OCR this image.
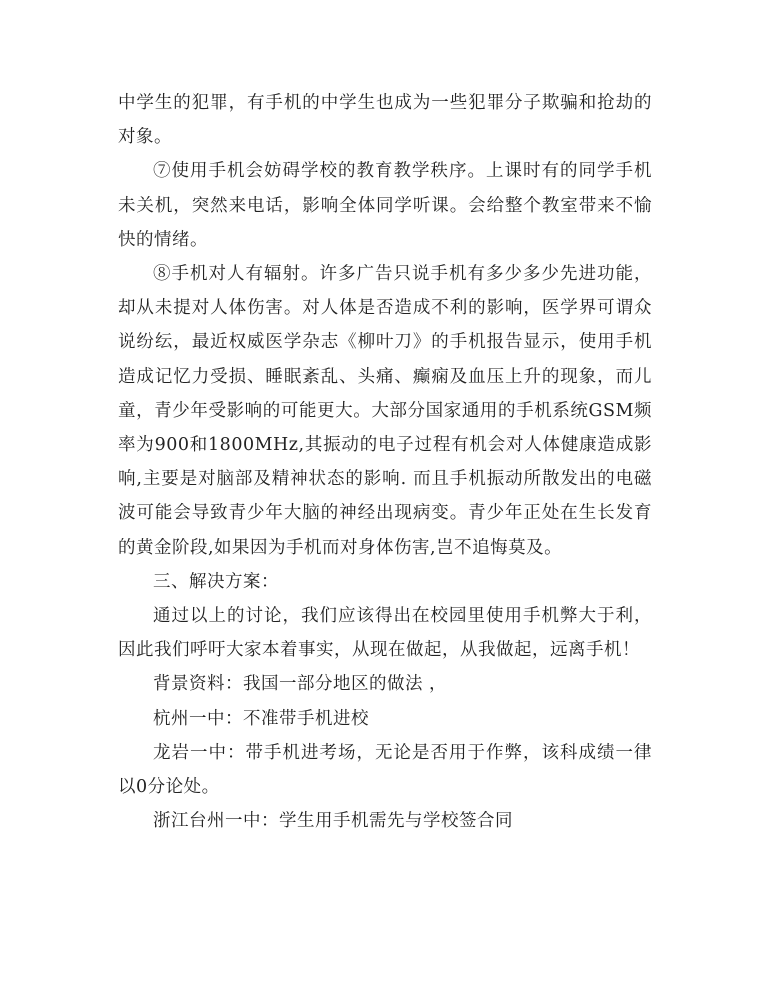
中学生的犯罪，有手机的中学生也成为一些犯罪分子欺骗和抢劫的对象。

⑦使用手机会妨碍学校的教育教学秩序。上课时有的同学手机未关机，突然来电话，影响全体同学听课。会给整个教室带来不愉快的情绪。

⑧手机对人有辐射。许多广告只说手机有多少多少先进功能，却从未提对人体伤害。对人体是否造成不利的影响，医学界可谓众说纷纭，最近权威医学杂志《柳叶刀》的手机报告显示，使用手机造成记忆力受损、睡眠紊乱、头痛、癫痫及血压上升的现象，而儿童，青少年受影响的可能更大。大部分国家通用的手机系统GSM频率为900和1800MHz,其振动的电子过程有机会对人体健康造成影响,主要是对脑部及精神状态的影响. 而且手机振动所散发出的电磁波可能会导致青少年大脑的神经出现病变。青少年正处在生长发育的黄金阶段,如果因为手机而对身体伤害,岂不追悔莫及。

三、解决方案：

通过以上的讨论，我们应该得出在校园里使用手机弊大于利，因此我们呼吁大家本着事实，从现在做起，从我做起，远离手机！

背景资料：我国一部分地区的做法 ，

杭州一中：不准带手机进校

龙岩一中：带手机进考场，无论是否用于作弊，该科成绩一律以0分论处。

浙江台州一中：学生用手机需先与学校签合同
